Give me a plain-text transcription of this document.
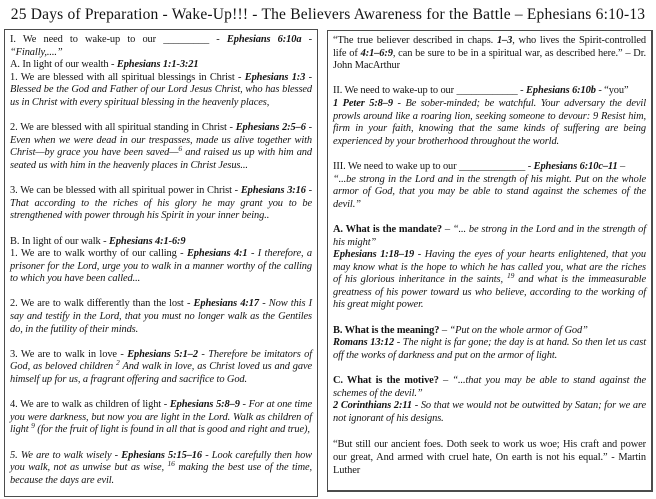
25 Days of Preparation - Wake-Up!!! - The Believers Awareness for the Battle – Ephesians 6:10-13

I. We need to wake-up to our _________ - Ephesians 6:10a - “Finally,....”

A. In light of our wealth - Ephesians 1:1-3:21

1. We are blessed with all spiritual blessings in Christ - Ephesians 1:3 - Blessed be the God and Father of our Lord Jesus Christ, who has blessed us in Christ with every spiritual blessing in the heavenly places,

2. We are blessed with all spiritual standing in Christ - Ephesians 2:5–6 - Even when we were dead in our trespasses, made us alive together with Christ—by grace you have been saved—$^6$ and raised us up with him and seated us with him in the heavenly places in Christ Jesus...

3. We can be blessed with all spiritual power in Christ - Ephesians 3:16 - That according to the riches of his glory he may grant you to be strengthened with power through his Spirit in your inner being..

B. In light of our walk - Ephesians 4:1-6:9

1. We are to walk worthy of our calling - Ephesians 4:1 - I therefore, a prisoner for the Lord, urge you to walk in a manner worthy of the calling to which you have been called...

2. We are to walk differently than the lost - Ephesians 4:17 - Now this I say and testify in the Lord, that you must no longer walk as the Gentiles do, in the futility of their minds.

3. We are to walk in love - Ephesians 5:1–2 - Therefore be imitators of God, as beloved children $^2$ And walk in love, as Christ loved us and gave himself up for us, a fragrant offering and sacrifice to God.

4. We are to walk as children of light - Ephesians 5:8–9 - For at one time you were darkness, but now you are light in the Lord. Walk as children of light $^9$ (for the fruit of light is found in all that is good and right and true),

5. We are to walk wisely - Ephesians 5:15–16 - Look carefully then how you walk, not as unwise but as wise, $^{16}$ making the best use of the time, because the days are evil.

“The true believer described in chaps. 1–3, who lives the Spirit-controlled life of 4:1–6:9, can be sure to be in a spiritual war, as described here.” – Dr. John MacArthur

II. We need to wake-up to our ____________ - Ephesians 6:10b - “you”

1 Peter 5:8–9 - Be sober-minded; be watchful. Your adversary the devil prowls around like a roaring lion, seeking someone to devour: 9 Resist him, firm in your faith, knowing that the same kinds of suffering are being experienced by your brotherhood throughout the world.

III. We need to wake up to our _____________ - Ephesians 6:10c–11 –

“...be strong in the Lord and in the strength of his might. Put on the whole armor of God, that you may be able to stand against the schemes of the devil.”

A. What is the mandate? – “... be strong in the Lord and in the strength of his might”

Ephesians 1:18–19 - Having the eyes of your hearts enlightened, that you may know what is the hope to which he has called you, what are the riches of his glorious inheritance in the saints, $^{19}$ and what is the immeasurable greatness of his power toward us who believe, according to the working of his great might power.

B. What is the meaning? – “Put on the whole armor of God”

Romans 13:12 - The night is far gone; the day is at hand. So then let us cast off the works of darkness and put on the armor of light.

C. What is the motive? – “...that you may be able to stand against the schemes of the devil.”

2 Corinthians 2:11 - So that we would not be outwitted by Satan; for we are not ignorant of his designs.

“But still our ancient foes. Doth seek to work us woe; His craft and power our great, And armed with cruel hate, On earth is not his equal.” - Martin Luther
